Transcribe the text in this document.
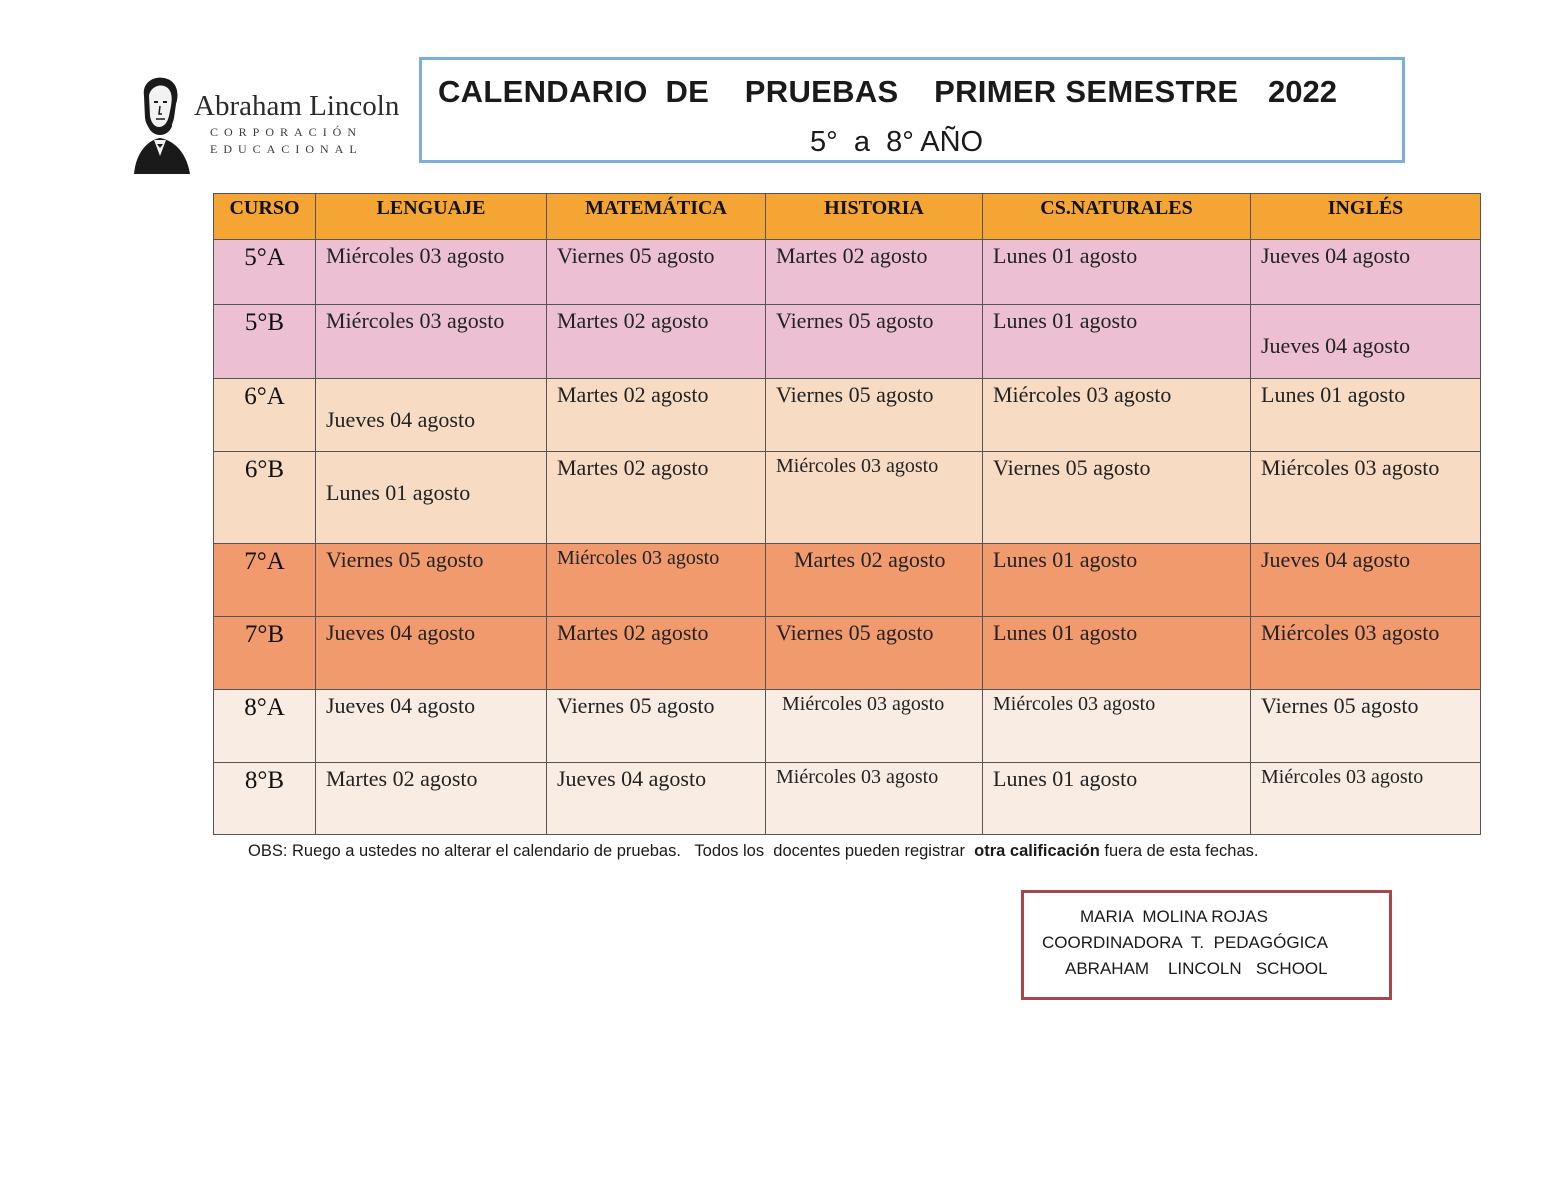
Abraham Lincoln
CORPORACIÓN
EDUCACIONAL
CALENDARIO  DE    PRUEBAS    PRIMER SEMESTRE 2022
5°  a  8° AÑO
CURSO	LENGUAJE	MATEMÁTICA	HISTORIA	CS.NATURALES	INGLÉS
5°A	Miércoles 03 agosto	Viernes 05 agosto	Martes 02 agosto	Lunes 01 agosto	Jueves 04 agosto
5°B	Miércoles 03 agosto	Martes 02 agosto	Viernes 05 agosto	Lunes 01 agosto	Jueves 04 agosto
6°A	Jueves 04 agosto	Martes 02 agosto	Viernes 05 agosto	Miércoles 03 agosto	Lunes 01 agosto
6°B	Lunes 01 agosto	Martes 02 agosto	Miércoles 03 agosto	Viernes 05 agosto	Miércoles 03 agosto
7°A	Viernes 05 agosto	Miércoles 03 agosto	Martes 02 agosto	Lunes 01 agosto	Jueves 04 agosto
7°B	Jueves 04 agosto	Martes 02 agosto	Viernes 05 agosto	Lunes 01 agosto	Miércoles 03 agosto
8°A	Jueves 04 agosto	Viernes 05 agosto	Miércoles 03 agosto	Miércoles 03 agosto	Viernes 05 agosto
8°B	Martes 02 agosto	Jueves 04 agosto	Miércoles 03 agosto	Lunes 01 agosto	Miércoles 03 agosto
OBS: Ruego a ustedes no alterar el calendario de pruebas.   Todos los  docentes pueden registrar  otra calificación fuera de esta fechas.
MARIA  MOLINA ROJAS
COORDINADORA  T.  PEDAGÓGICA
ABRAHAM    LINCOLN   SCHOOL
